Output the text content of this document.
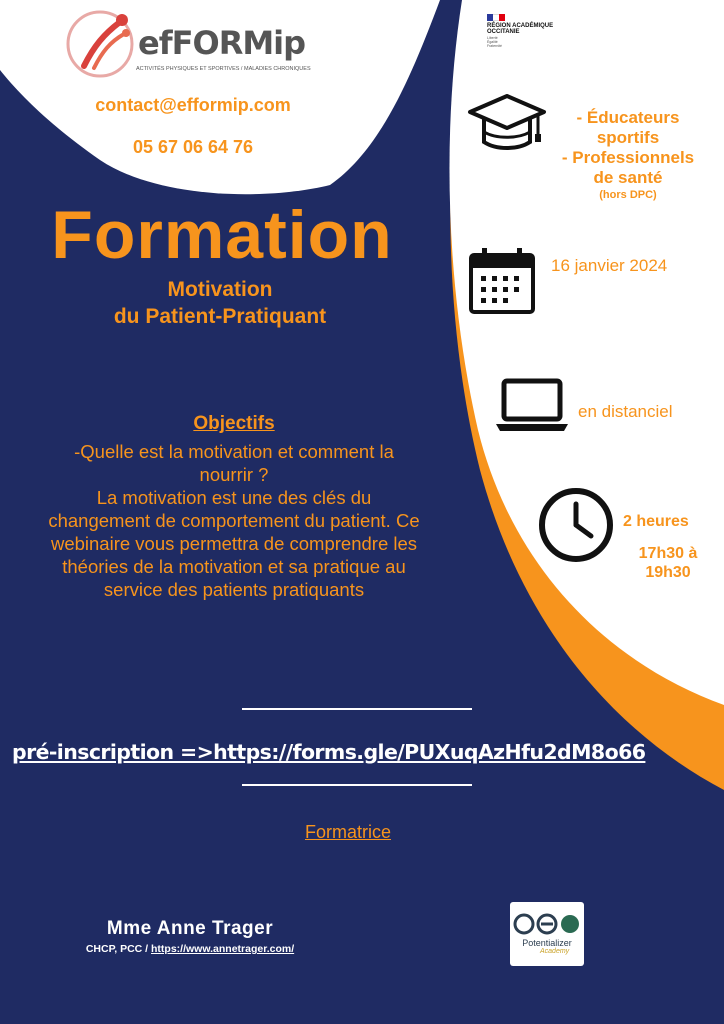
efFORMip
ACTIVITÉS PHYSIQUES ET SPORTIVES / MALADIES CHRONIQUES
RÉGION ACADÉMIQUE
OCCITANIE
Liberté Égalité Fraternité
contact@efformip.com
05 67 06 64 76
Formation
Motivation
du Patient-Pratiquant
Objectifs
-Quelle est la motivation et comment la
nourrir ?
La motivation est une des clés du
changement de comportement du patient. Ce
webinaire vous permettra de comprendre les
théories de la motivation et sa pratique au
service des patients pratiquants
- Éducateurs
sportifs
- Professionnels
de santé
(hors DPC)
16 janvier 2024
en distanciel
2 heures
17h30 à
19h30
pré-inscription =>https://forms.gle/PUXuqAzHfu2dM8o66
Formatrice
Mme Anne Trager
CHCP, PCC / https://www.annetrager.com/	Potentializer
Academy
